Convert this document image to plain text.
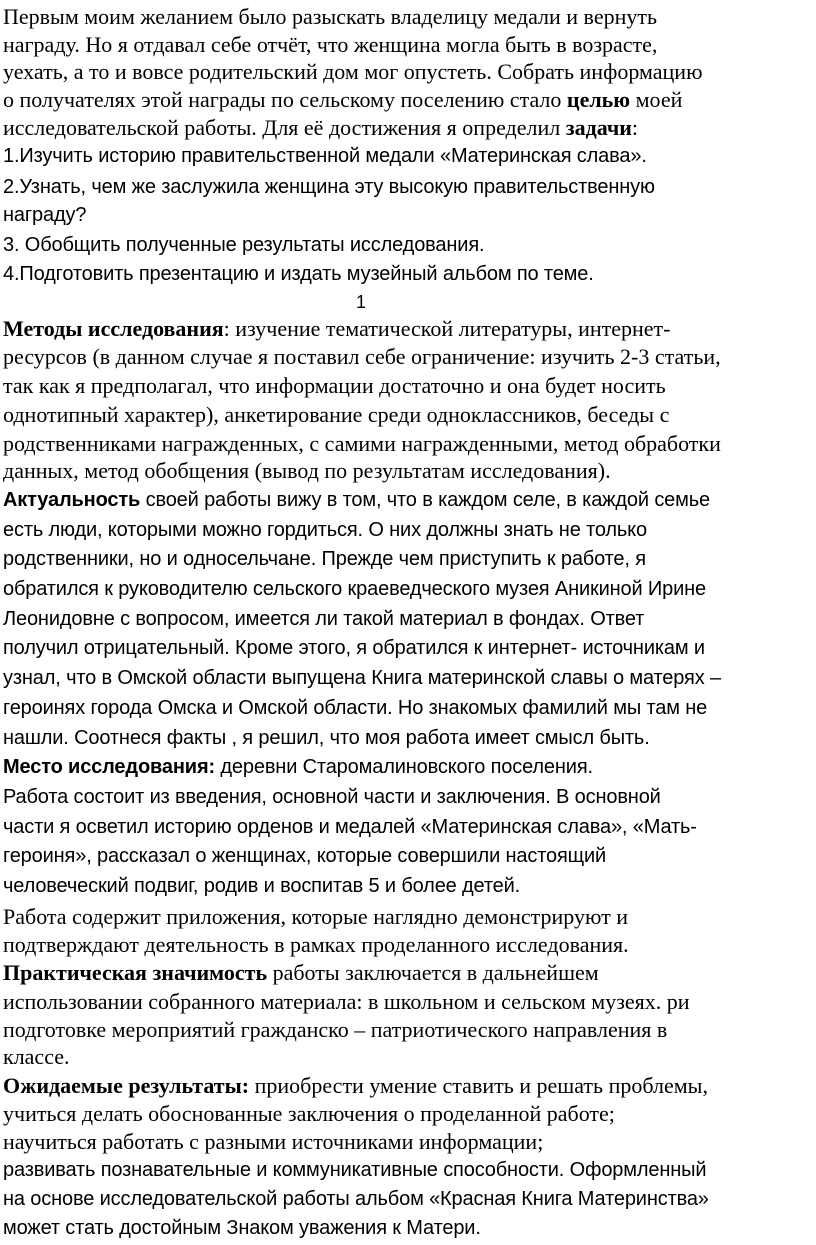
Первым моим желанием было разыскать владелицу медали и вернуть
награду. Но я отдавал себе отчёт, что женщина могла быть в возрасте,
уехать, а то и вовсе родительский дом мог опустеть. Собрать информацию
о получателях этой награды по сельскому поселению стало целью моей
исследовательской работы. Для её достижения я определил задачи:
1.Изучить историю правительственной медали «Материнская слава».
2.Узнать, чем же заслужила женщина эту высокую правительственную
награду?
3. Обобщить полученные результаты исследования.
4.Подготовить презентацию и издать музейный альбом по теме.
1
Методы исследования: изучение тематической литературы, интернет-
ресурсов (в данном случае я поставил себе ограничение: изучить 2-3 статьи,
так как я предполагал, что информации достаточно и она будет носить
однотипный характер), анкетирование среди одноклассников, беседы с
родственниками награжденных, с самими награжденными, метод обработки
данных, метод обобщения (вывод по результатам исследования).
Актуальность своей работы вижу в том, что в каждом селе, в каждой семье
есть люди, которыми можно гордиться. О них должны знать не только
родственники, но и односельчане. Прежде чем приступить к работе, я
обратился к руководителю сельского краеведческого музея Аникиной Ирине
Леонидовне с вопросом, имеется ли такой материал в фондах. Ответ
получил отрицательный. Кроме этого, я обратился к интернет- источникам и
узнал, что в Омской области выпущена Книга материнской славы о матерях –
героинях города Омска и Омской области. Но знакомых фамилий мы там не
нашли. Соотнеся факты , я решил, что моя работа имеет смысл быть.
Место исследования: деревни Старомалиновского поселения.
Работа состоит из введения, основной части и заключения. В основной
части я осветил историю орденов и медалей «Материнская слава», «Мать-
героиня», рассказал о женщинах, которые совершили настоящий
человеческий подвиг, родив и воспитав 5 и более детей.
Работа содержит приложения, которые наглядно демонстрируют и
подтверждают деятельность в рамках проделанного исследования.
Практическая значимость работы заключается в дальнейшем
использовании собранного материала: в школьном и сельском музеях. ри
подготовке мероприятий гражданско – патриотического направления в
классе.
Ожидаемые результаты: приобрести умение ставить и решать проблемы,
учиться делать обоснованные заключения о проделанной работе;
научиться работать с разными источниками информации;
развивать познавательные и коммуникативные способности. Оформленный
на основе исследовательской работы альбом «Красная Книга Материнства»
может стать достойным Знаком уважения к Матери.
